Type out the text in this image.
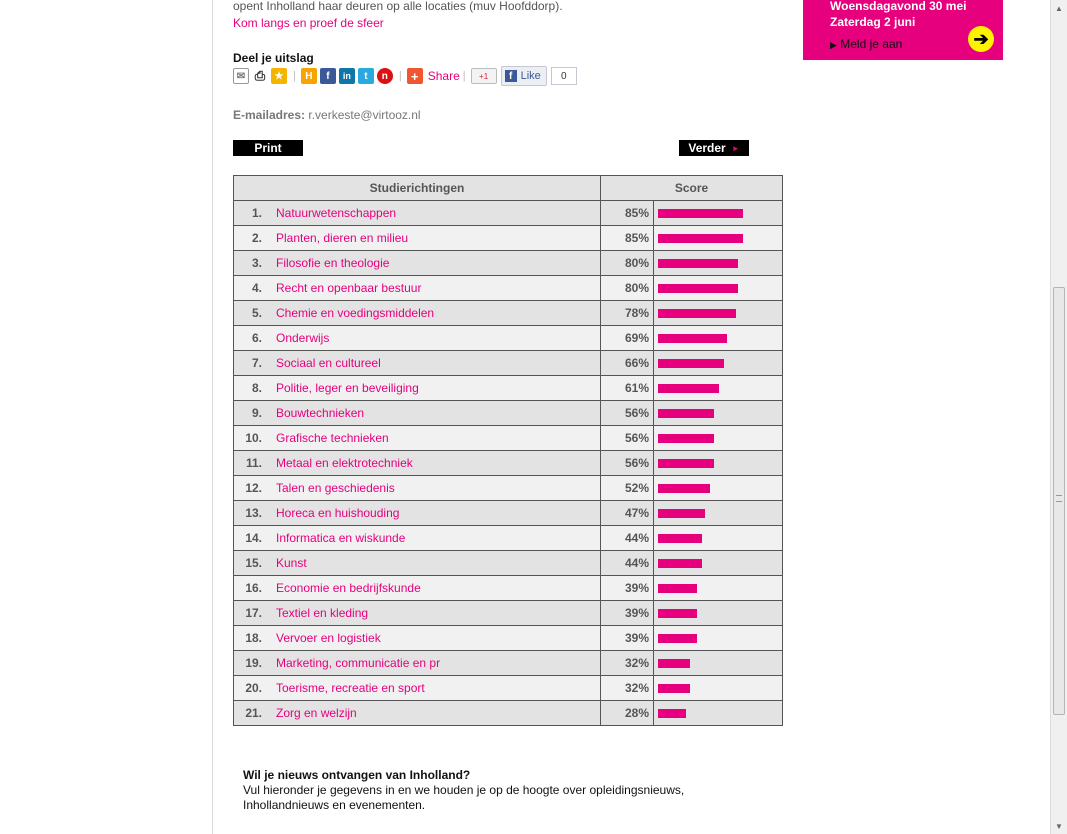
opent Inholland haar deuren op alle locaties (muv Hoofddorp).
Kom langs en proef de sfeer
Deel je uitslag
✉ ⎙ ★ | H	f	in	t	n | + Share |	+1	f Like	0
E-mailadres: r.verkeste@virtooz.nl
Print	Verder ►
Studierichtingen	Score	
1. Natuurwetenschappen	85%	

2. Planten, dieren en milieu	85%	

3. Filosofie en theologie	80%	

4. Recht en openbaar bestuur	80%	

5. Chemie en voedingsmiddelen	78%	

6. Onderwijs	69%	

7. Sociaal en cultureel	66%	

8. Politie, leger en beveiliging	61%	

9. Bouwtechnieken	56%	

10. Grafische technieken	56%	

11. Metaal en elektrotechniek	56%	

12. Talen en geschiedenis	52%	

13. Horeca en huishouding	47%	

14. Informatica en wiskunde	44%	

15. Kunst	44%	

16. Economie en bedrijfskunde	39%	

17. Textiel en kleding	39%	

18. Vervoer en logistiek	39%	

19. Marketing, communicatie en pr	32%	

20. Toerisme, recreatie en sport	32%	

21. Zorg en welzijn	28%	
Woensdagavond 30 mei
Zaterdag 2 juni
▶ Meld je aan	➔
Wil je nieuws ontvangen van Inholland?
Vul hieronder je gegevens in en we houden je op de hoogte over opleidingsnieuws, Inhollandnieuws en evenementen.
▲
▼
